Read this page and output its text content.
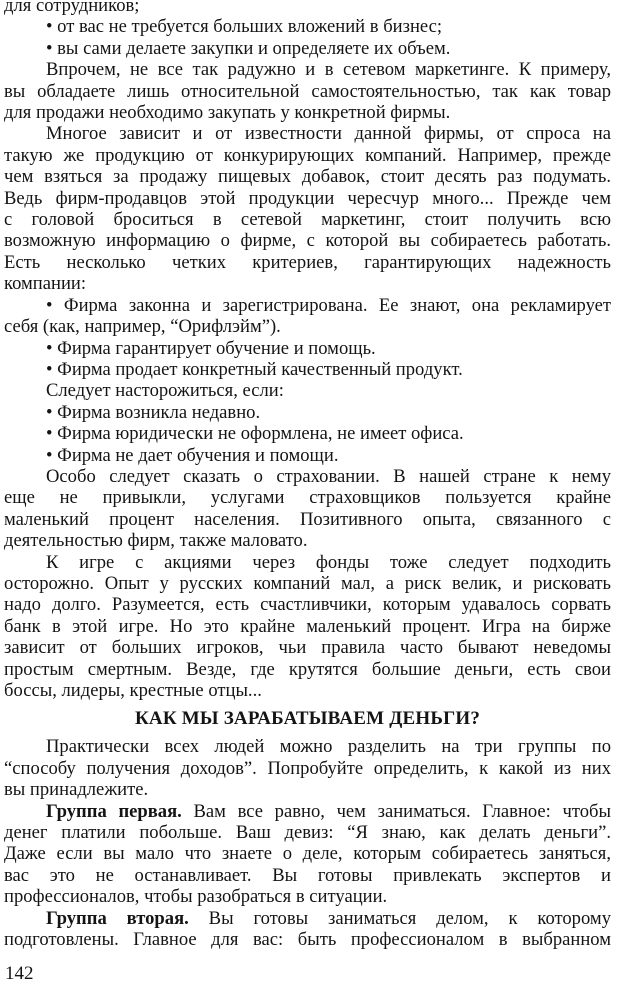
для сотрудников;

• от вас не требуется больших вложений в бизнес;

• вы сами делаете закупки и определяете их объем.

Впрочем, не все так радужно и в сетевом маркетинге. К примеру,

вы обладаете лишь относительной самостоятельностью, так как товар

для продажи необходимо закупать у конкретной фирмы.

Многое зависит и от известности данной фирмы, от спроса на

такую же продукцию от конкурирующих компаний. Например, прежде

чем взяться за продажу пищевых добавок, стоит десять раз подумать.

Ведь фирм-продавцов этой продукции чересчур много... Прежде чем

с головой броситься в сетевой маркетинг, стоит получить всю

возможную информацию о фирме, с которой вы собираетесь работать.

Есть несколько четких критериев, гарантирующих надежность

компании:

• Фирма законна и зарегистрирована. Ее знают, она рекламирует

себя (как, например, “Орифлэйм”).

• Фирма гарантирует обучение и помощь.

• Фирма продает конкретный качественный продукт.

Следует насторожиться, если:

• Фирма возникла недавно.

• Фирма юридически не оформлена, не имеет офиса.

• Фирма не дает обучения и помощи.

Особо следует сказать о страховании. В нашей стране к нему

еще не привыкли, услугами страховщиков пользуется крайне

маленький процент населения. Позитивного опыта, связанного с

деятельностью фирм, также маловато.

К игре с акциями через фонды тоже следует подходить

осторожно. Опыт у русских компаний мал, а риск велик, и рисковать

надо долго. Разумеется, есть счастливчики, которым удавалось сорвать

банк в этой игре. Но это крайне маленький процент. Игра на бирже

зависит от больших игроков, чьи правила часто бывают неведомы

простым смертным. Везде, где крутятся большие деньги, есть свои

боссы, лидеры, крестные отцы...

КАК МЫ ЗАРАБАТЫВАЕМ ДЕНЬГИ?

Практически всех людей можно разделить на три группы по

“способу получения доходов”. Попробуйте определить, к какой из них

вы принадлежите.

Группа первая. Вам все равно, чем заниматься. Главное: чтобы

денег платили побольше. Ваш девиз: “Я знаю, как делать деньги”.

Даже если вы мало что знаете о деле, которым собираетесь заняться,

вас это не останавливает. Вы готовы привлекать экспертов и

профессионалов, чтобы разобраться в ситуации.

Группа вторая. Вы готовы заниматься делом, к которому

подготовлены. Главное для вас: быть профессионалом в выбранном

142
